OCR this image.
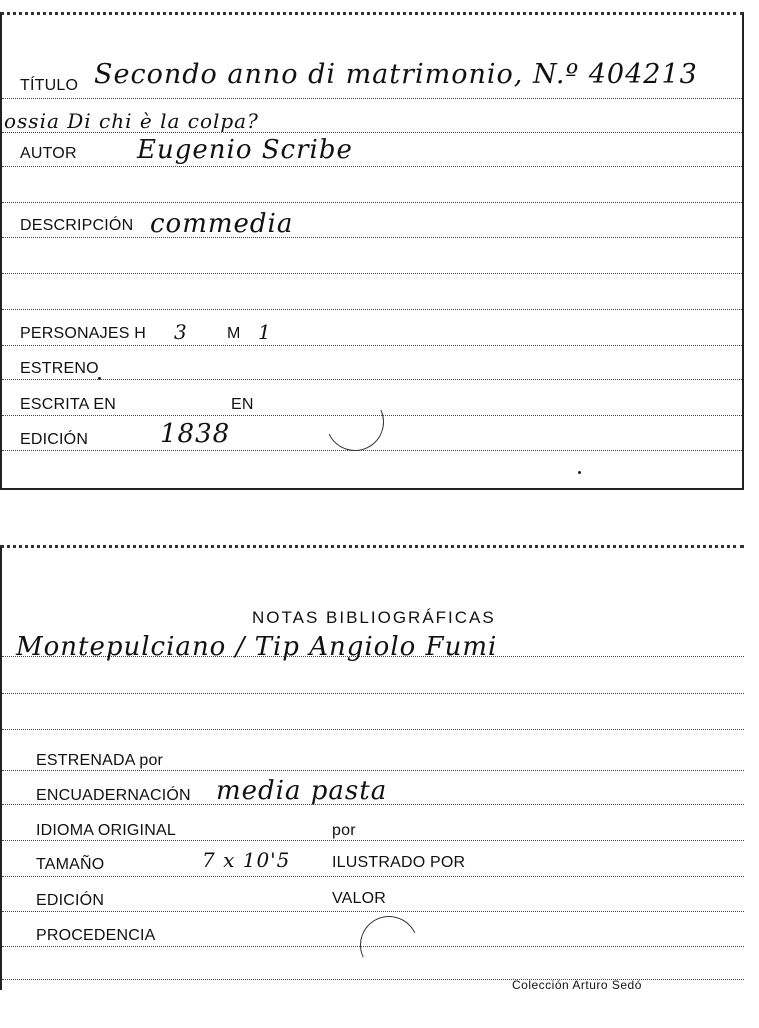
TÍTULO Secondo anno di matrimonio, N.º 404213
ossia Di chi è la colpa?
AUTOR Eugenio Scribe
DESCRIPCIÓN commedia
PERSONAJES H 3 M 1
ESTRENO
ESCRITA EN	EN
EDICIÓN	1838
NOTAS BIBLIOGRÁFICAS
Montepulciano / Tip Angiolo Fumi
ESTRENADA por
ENCUADERNACIÓN media pasta
IDIOMA ORIGINAL	por
TAMAÑO	7 x 10'5	ILUSTRADO POR
EDICIÓN	VALOR
PROCEDENCIA
Colección Arturo Sedó
